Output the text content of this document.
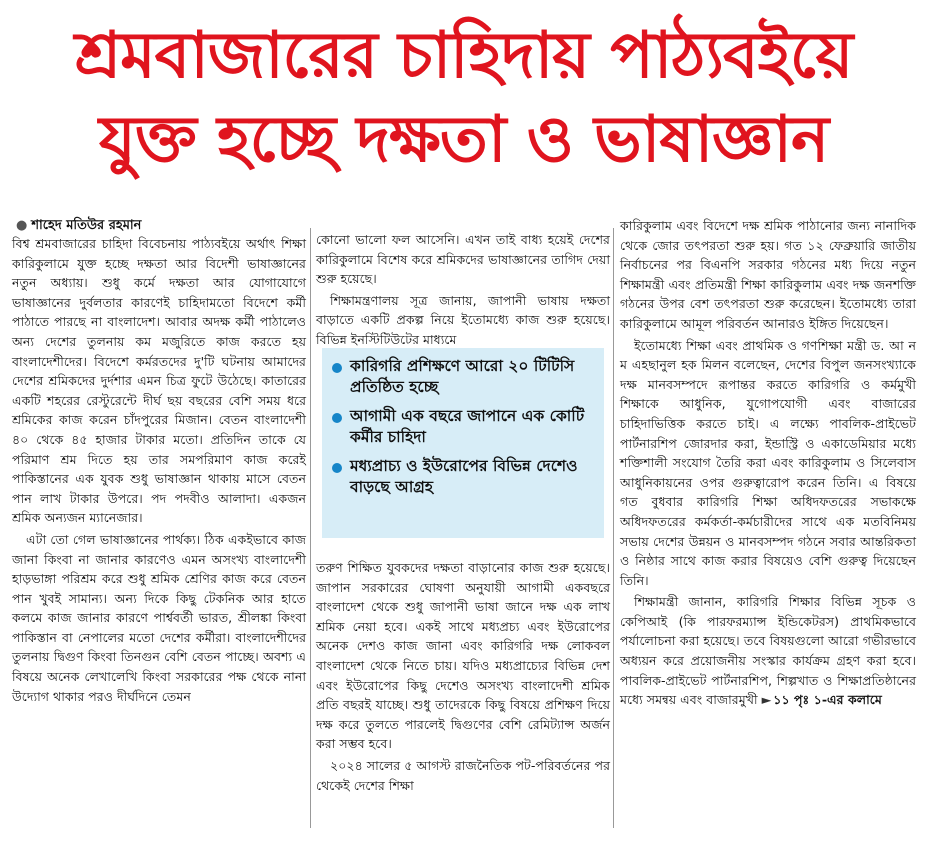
শ্রমবাজারের চাহিদায় পাঠ্যবইয়ে
যুক্ত হচ্ছে দক্ষতা ও ভাষাজ্ঞান
● শাহেদ মতিউর রহমান

বিশ্ব শ্রমবাজারের চাহিদা বিবেচনায় পাঠ্যবইয়ে অর্থাৎ শিক্ষা কারিকুলামে যুক্ত হচ্ছে দক্ষতা আর বিদেশী ভাষাজ্ঞানের নতুন অধ্যায়। শুধু কর্মে দক্ষতা আর যোগাযোগে ভাষাজ্ঞানের দুর্বলতার কারণেই চাহিদামতো বিদেশে কর্মী পাঠাতে পারছে না বাংলাদেশ। আবার অদক্ষ কর্মী পাঠালেও অন্য দেশের তুলনায় কম মজুরিতে কাজ করতে হয় বাংলাদেশীদের। বিদেশে কর্মরতদের দু'টি ঘটনায় আমাদের দেশের শ্রমিকদের দুর্দশার এমন চিত্র ফুটে উঠেছে। কাতারের একটি শহরের রেস্টুরেন্টে দীর্ঘ ছয় বছরের বেশি সময় ধরে শ্রমিকের কাজ করেন চাঁদপুরের মিজান। বেতন বাংলাদেশী ৪০ থেকে ৪৫ হাজার টাকার মতো। প্রতিদিন তাকে যে পরিমাণ শ্রম দিতে হয় তার সমপরিমাণ কাজ করেই পাকিস্তানের এক যুবক শুধু ভাষাজ্ঞান থাকায় মাসে বেতন পান লাখ টাকার উপরে। পদ পদবীও আলাদা। একজন শ্রমিক অন্যজন ম্যানেজার।

এটা তো গেল ভাষাজ্ঞানের পার্থক্য। ঠিক একইভাবে কাজ জানা কিংবা না জানার কারণেও এমন অসংখ্য বাংলাদেশী হাড়ভাঙ্গা পরিশ্রম করে শুধু শ্রমিক শ্রেণির কাজ করে বেতন পান খুবই সামান্য। অন্য দিকে কিছু টেকনিক আর হাতে কলমে কাজ জানার কারণে পার্শ্ববর্তী ভারত, শ্রীলঙ্কা কিংবা পাকিস্তান বা নেপালের মতো দেশের কর্মীরা। বাংলাদেশীদের তুলনায় দ্বিগুণ কিংবা তিনগুন বেশি বেতন পাচ্ছে। অবশ্য এ বিষয়ে অনেক লেখালেখি কিংবা সরকারের পক্ষ থেকে নানা উদ্যোগ থাকার পরও দীর্ঘদিনে তেমন

কোনো ভালো ফল আসেনি। এখন তাই বাধ্য হয়েই দেশের কারিকুলামে বিশেষ করে শ্রমিকদের ভাষাজ্ঞানের তাগিদ দেয়া শুরু হয়েছে।

শিক্ষামন্ত্রণালয় সূত্র জানায়, জাপানী ভাষায় দক্ষতা বাড়াতে একটি প্রকল্প নিয়ে ইতোমধ্যে কাজ শুরু হয়েছে। বিভিন্ন ইনস্টিটিউটের মাধ্যমে

কারিগরি প্রশিক্ষণে আরো ২০ টিটিসি প্রতিষ্ঠিত হচ্ছে
আগামী এক বছরে জাপানে এক কোটি কর্মীর চাহিদা
মধ্যপ্রাচ্য ও ইউরোপের বিভিন্ন দেশেও বাড়ছে আগ্রহ

তরুণ শিক্ষিত যুবকদের দক্ষতা বাড়ানোর কাজ শুরু হয়েছে। জাপান সরকারের ঘোষণা অনুযায়ী আগামী একবছরে বাংলাদেশ থেকে শুধু জাপানী ভাষা জানে দক্ষ এক লাখ শ্রমিক নেয়া হবে। একই সাথে মধ্যপ্রচ্য এবং ইউরোপের অনেক দেশও কাজ জানা এবং কারিগরি দক্ষ লোকবল বাংলাদেশ থেকে নিতে চায়। যদিও মধ্যপ্রাচ্যের বিভিন্ন দেশ এবং ইউরোপের কিছু দেশেও অসংখ্য বাংলাদেশী শ্রমিক প্রতি বছরই যাচ্ছে। শুধু তাদেরকে কিছু বিষয়ে প্রশিক্ষণ দিয়ে দক্ষ করে তুলতে পারলেই দ্বিগুণের বেশি রেমিট্যান্স অর্জন করা সম্ভব হবে।

২০২৪ সালের ৫ আগস্ট রাজনৈতিক পট-পরিবর্তনের পর থেকেই দেশের শিক্ষা

কারিকুলাম এবং বিদেশে দক্ষ শ্রমিক পাঠানোর জন্য নানাদিক থেকে জোর তৎপরতা শুরু হয়। গত ১২ ফেব্রুয়ারি জাতীয় নির্বাচনের পর বিএনপি সরকার গঠনের মধ্য দিয়ে নতুন শিক্ষামন্ত্রী এবং প্রতিমন্ত্রী শিক্ষা কারিকুলাম এবং দক্ষ জনশক্তি গঠনের উপর বেশ তৎপরতা শুরু করেছেন। ইতোমধ্যে তারা কারিকুলামে আমূল পরিবর্তন আনারও ইঙ্গিত দিয়েছেন।

ইতোমধ্যে শিক্ষা এবং প্রাথমিক ও গণশিক্ষা মন্ত্রী ড. আ ন ম এহছানুল হক মিলন বলেছেন, দেশের বিপুল জনসংখ্যাকে দক্ষ মানবসম্পদে রূপান্তর করতে কারিগরি ও কর্মমুখী শিক্ষাকে আধুনিক, যুগোপযোগী এবং বাজারের চাহিদাভিত্তিক করতে চাই। এ লক্ষ্যে পাবলিক-প্রাইভেট পার্টনারশিপ জোরদার করা, ইন্ডাস্ট্রি ও একাডেমিয়ার মধ্যে শক্তিশালী সংযোগ তৈরি করা এবং কারিকুলাম ও সিলেবাস আধুনিকায়নের ওপর গুরুত্বারোপ করেন তিনি। এ বিষয়ে গত বুধবার কারিগরি শিক্ষা অধিদফতরের সভাকক্ষে অধিদফতরের কর্মকর্তা-কর্মচারীদের সাথে এক মতবিনিময় সভায় দেশের উন্নয়ন ও মানবসম্পদ গঠনে সবার আন্তরিকতা ও নিষ্ঠার সাথে কাজ করার বিষয়েও বেশি গুরুত্ব দিয়েছেন তিনি।

শিক্ষামন্ত্রী জানান, কারিগরি শিক্ষার বিভিন্ন সূচক ও কেপিআই (কি পারফরম্যান্স ইন্ডিকেটরস) প্রাথমিকভাবে পর্যালোচনা করা হয়েছে। তবে বিষয়গুলো আরো গভীরভাবে অধ্যয়ন করে প্রয়োজনীয় সংস্কার কার্যক্রম গ্রহণ করা হবে। পাবলিক-প্রাইভেট পার্টনারশিপ, শিল্পখাত ও শিক্ষাপ্রতিষ্ঠানের মধ্যে সমন্বয় এবং বাজারমুখী ► ১১ পৃঃ ১-এর কলামে
